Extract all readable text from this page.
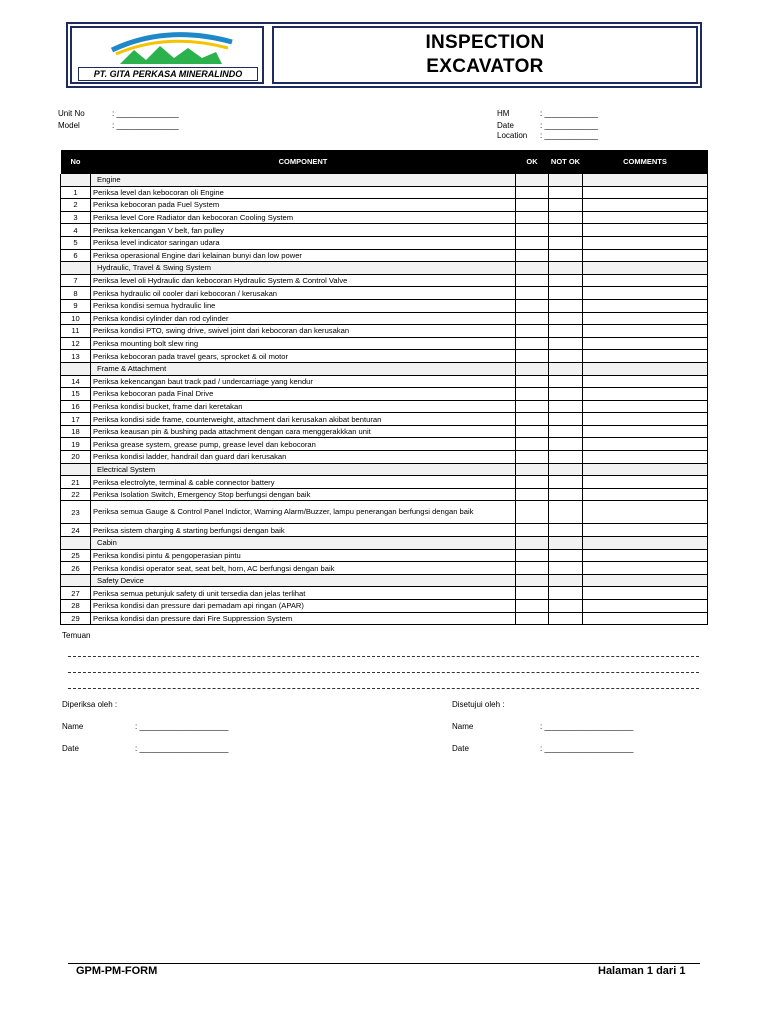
PT. GITA PERKASA MINERALINDO
INSPECTION
EXCAVATOR
Unit No	: ______________
Model	: ______________
HM	: ____________
Date	: ____________
Location : ____________
No	COMPONENT	OK	NOT OK	COMMENTS
	Engine			
1	Periksa level dan kebocoran oli Engine			
2	Periksa kebocoran pada Fuel System			
3	Periksa level Core Radiator dan kebocoran Cooling System			
4	Periksa kekencangan V belt, fan pulley			
5	Periksa level indicator saringan udara			
6	Periksa operasional Engine dari kelainan bunyi dan low power			
	Hydraulic, Travel & Swing System			
7	Periksa level oli Hydraulic dan kebocoran Hydraulic System & Control Valve			
8	Periksa hydraulic oil cooler dari kebocoran / kerusakan			
9	Periksa kondisi semua hydraulic line			
10	Periksa kondisi cylinder dan rod cylinder			
11	Periksa kondisi PTO, swing drive, swivel joint dari kebocoran dan kerusakan			
12	Periksa mounting bolt slew ring			
13	Periksa kebocoran pada travel gears, sprocket & oil motor			
	Frame & Attachment			
14	Periksa kekencangan baut track pad / undercarriage yang kendur			
15	Periksa kebocoran pada Final Drive			
16	Periksa kondisi bucket, frame dari keretakan			
17	Periksa kondisi side frame, counterweight, attachment dari kerusakan akibat benturan			
18	Periksa keausan pin & bushing pada attachment dengan cara menggerakkkan unit			
19	Periksa grease system, grease pump, grease level dan kebocoran			
20	Periksa kondisi ladder, handrail dan guard dari kerusakan			
	Electrical System			
21	Periksa electrolyte, terminal & cable connector battery			
22	Periksa Isolation Switch, Emergency Stop berfungsi dengan baik			
23	Periksa semua Gauge & Control Panel Indictor, Warning Alarm/Buzzer, lampu penerangan berfungsi dengan baik			
24	Periksa sistem charging & starting berfungsi dengan baik			
	Cabin			
25	Periksa kondisi pintu & pengoperasian pintu			
26	Periksa kondisi operator seat, seat belt, horn, AC berfungsi dengan baik			
	Safety Device			
27	Periksa semua petunjuk safety di unit tersedia dan jelas terlihat			
28	Periksa kondisi dan pressure dari pemadam api ringan (APAR)			
29	Periksa kondisi dan pressure dari Fire Suppression System			
Temuan
Diperiksa oleh :
Name	: ____________________
Date	: ____________________
Disetujui oleh :
Name	: ____________________
Date	: ____________________
GPM-PM-FORM	Halaman 1 dari 1
